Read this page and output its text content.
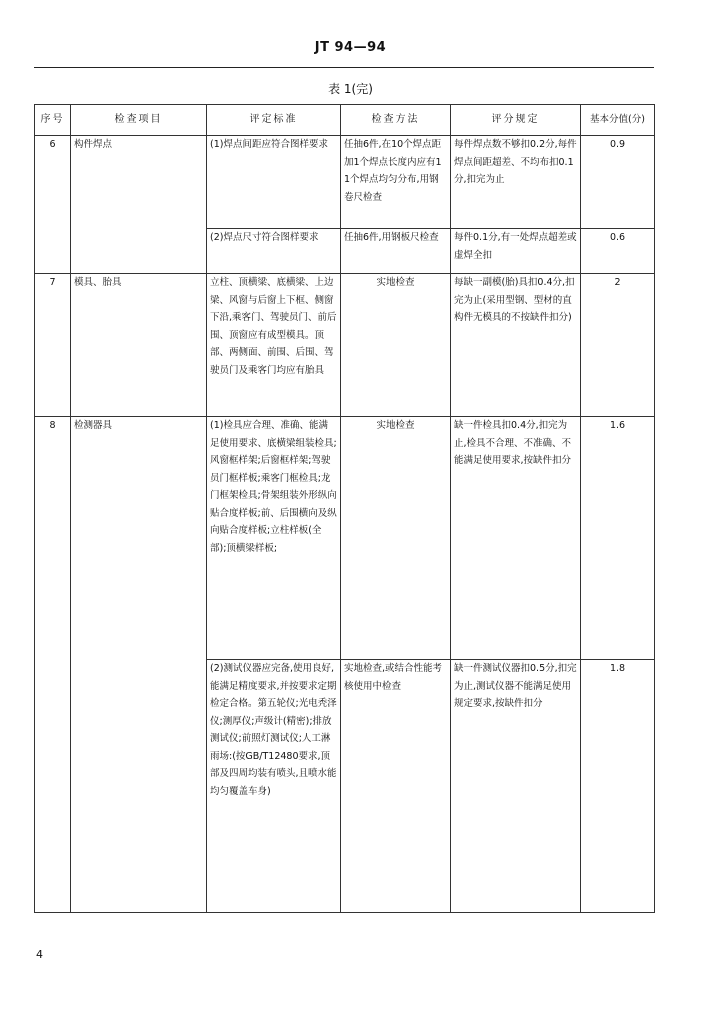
JT 94—94
表 1(完)
序号	检查项目	评定标准	检查方法	评分规定	基本分值(分)
6	构件焊点	(1)焊点间距应符合图样要求	任抽6件,在10个焊点距加1个焊点长度内应有11个焊点均匀分布,用钢卷尺检查	每件焊点数不够扣0.2分,每件焊点间距超差、不均布扣0.1分,扣完为止	0.9
		(2)焊点尺寸符合图样要求	任抽6件,用钢板尺检查	每件0.1分,有一处焊点超差或虚焊全扣	0.6
7	模具、胎具	立柱、顶横梁、底横梁、上边梁、风窗与后窗上下框、侧窗下沿,乘客门、驾驶员门、前后围、顶窗应有成型模具。顶部、两侧面、前围、后围、驾驶员门及乘客门均应有胎具	实地检查	每缺一副模(胎)具扣0.4分,扣完为止(采用型钢、型材的直构件无模具的不按缺件扣分)	2
8	检测器具	(1)检具应合理、准确、能满足使用要求、底横梁组装检具;风窗框样架;后窗框样架;驾驶员门框样板;乘客门框检具;龙门框架检具;骨架组装外形纵向贴合度样板;前、后围横向及纵向贴合度样板;立柱样板(全部);顶横梁样板;	实地检查	缺一件检具扣0.4分,扣完为止,检具不合理、不准确、不能满足使用要求,按缺件扣分	1.6
		(2)测试仪器应完备,使用良好,能满足精度要求,并按要求定期检定合格。第五轮仪;光电秃泽仪;测厚仪;声级计(精密);排放测试仪;前照灯测试仪;人工淋雨场:(按GB/T12480要求,顶部及四周均装有喷头,且喷水能均匀覆盖车身)	实地检查,或结合性能考核使用中检查	缺一件测试仪器扣0.5分,扣完为止,测试仪器不能满足使用规定要求,按缺件扣分	1.8
4
